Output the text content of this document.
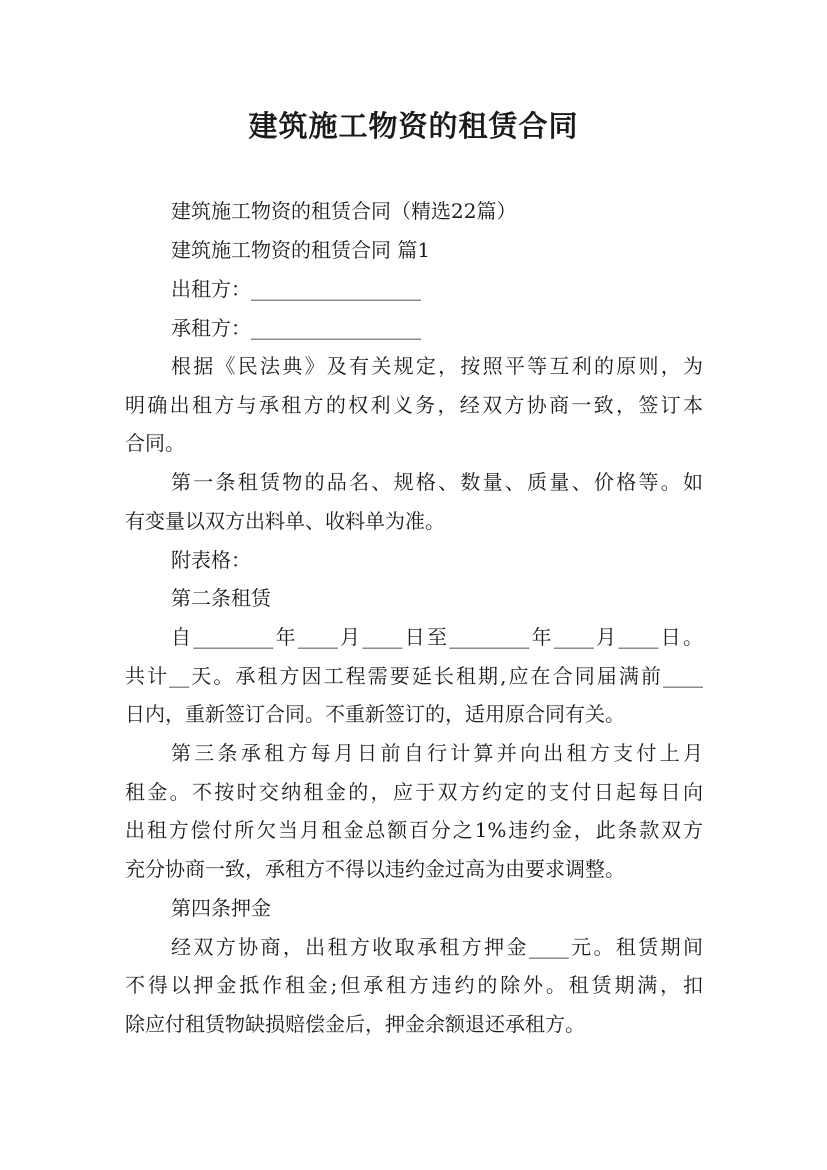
建筑施工物资的租赁合同

建筑施工物资的租赁合同（精选22篇）

建筑施工物资的租赁合同 篇1

出租方：_________________

承租方：_________________

根据《民法典》及有关规定，按照平等互利的原则，为

明确出租方与承租方的权利义务，经双方协商一致，签订本

合同。

第一条租赁物的品名、规格、数量、质量、价格等。如

有变量以双方出料单、收料单为准。

附表格：

第二条租赁

自________年____月____日至________年____月____日。

共计__天。承租方因工程需要延长租期,应在合同届满前____

日内，重新签订合同。不重新签订的，适用原合同有关。

第三条承租方每月日前自行计算并向出租方支付上月

租金。不按时交纳租金的，应于双方约定的支付日起每日向

出租方偿付所欠当月租金总额百分之1%违约金，此条款双方

充分协商一致，承租方不得以违约金过高为由要求调整。

第四条押金

经双方协商，出租方收取承租方押金____元。租赁期间

不得以押金抵作租金;但承租方违约的除外。租赁期满，扣

除应付租赁物缺损赔偿金后，押金余额退还承租方。
